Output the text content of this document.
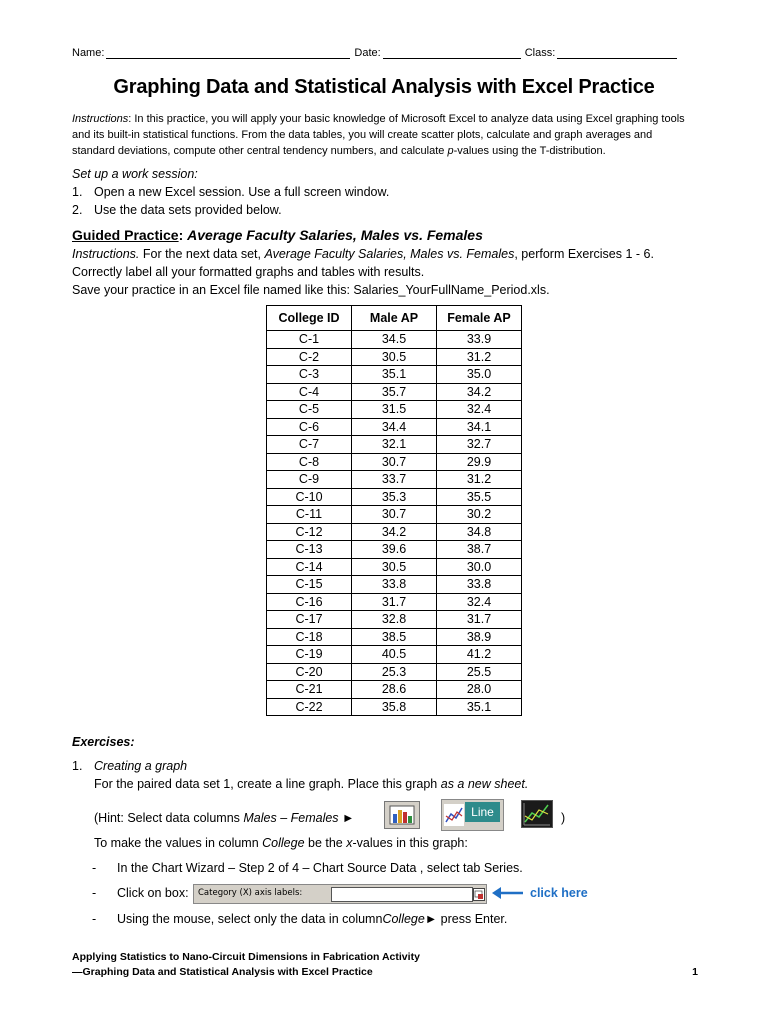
Name:	Date:	Class:
Graphing Data and Statistical Analysis with Excel Practice
Instructions: In this practice, you will apply your basic knowledge of Microsoft Excel to analyze data using Excel graphing tools and its built-in statistical functions. From the data tables, you will create scatter plots, calculate and graph averages and standard deviations, compute other central tendency numbers, and calculate p-values using the T-distribution.
Set up a work session:
1. Open a new Excel session. Use a full screen window.
2. Use the data sets provided below.
Guided Practice: Average Faculty Salaries, Males vs. Females
Instructions. For the next data set, Average Faculty Salaries, Males vs. Females, perform Exercises 1 - 6.
Correctly label all your formatted graphs and tables with results.
Save your practice in an Excel file named like this: Salaries_YourFullName_Period.xls.
College ID	Male AP	Female AP
C-1	34.5	33.9
C-2	30.5	31.2
C-3	35.1	35.0
C-4	35.7	34.2
C-5	31.5	32.4
C-6	34.4	34.1
C-7	32.1	32.7
C-8	30.7	29.9
C-9	33.7	31.2
C-10	35.3	35.5
C-11	30.7	30.2
C-12	34.2	34.8
C-13	39.6	38.7
C-14	30.5	30.0
C-15	33.8	33.8
C-16	31.7	32.4
C-17	32.8	31.7
C-18	38.5	38.9
C-19	40.5	41.2
C-20	25.3	25.5
C-21	28.6	28.0
C-22	35.8	35.1
Exercises:
1. Creating a graph
For the paired data set 1, create a line graph. Place this graph as a new sheet.
(Hint: Select data columns Males – Females ►	Line	)
To make the values in column College be the x-values in this graph:
-	In the Chart Wizard – Step 2 of 4 – Chart Source Data , select tab Series.
-	Click on box: Category (X) axis labels:	click here
-	Using the mouse, select only the data in column College ► press Enter.
Applying Statistics to Nano-Circuit Dimensions in Fabrication Activity
—Graphing Data and Statistical Analysis with Excel Practice	1
